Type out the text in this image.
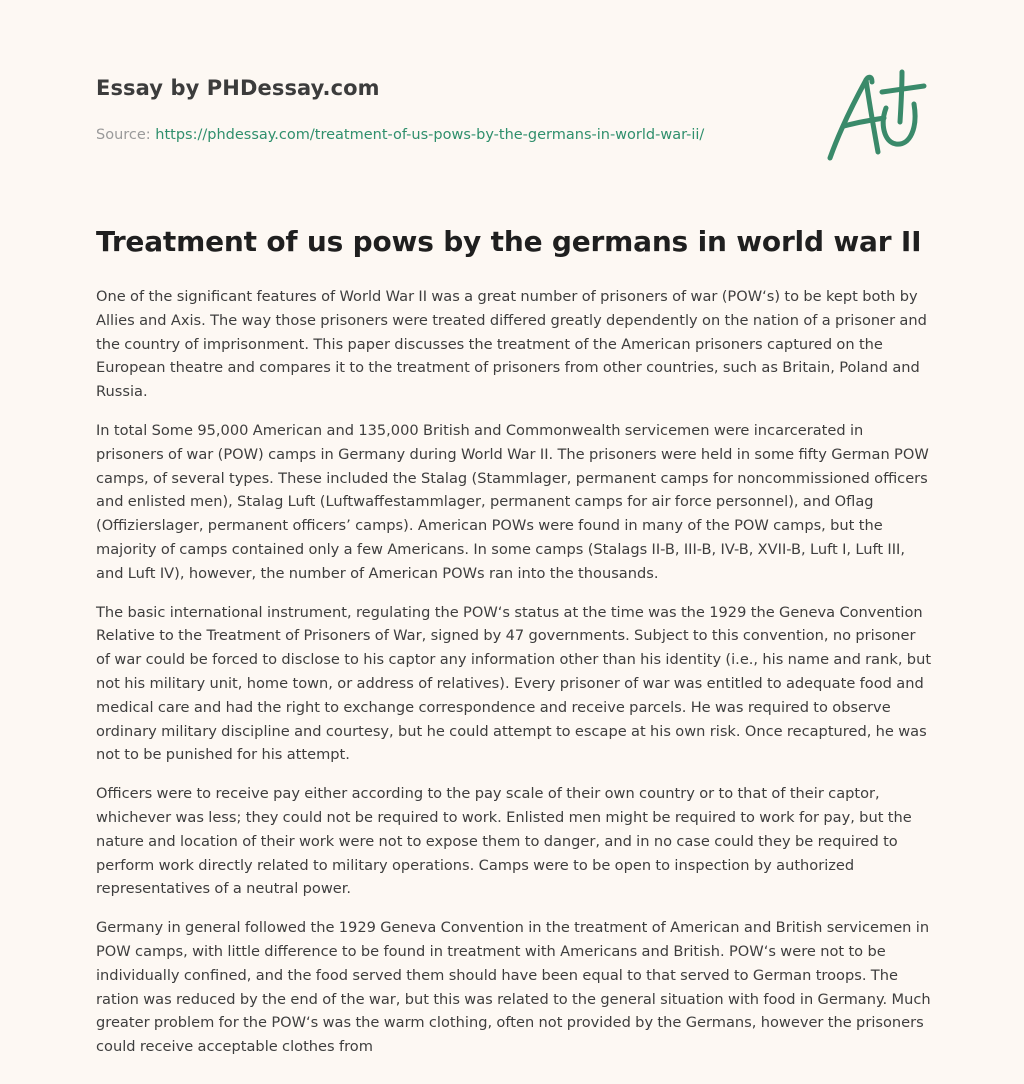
Essay by PHDessay.com
Source: https://phdessay.com/treatment-of-us-pows-by-the-germans-in-world-war-ii/
Treatment of us pows by the germans in world war II

One of the significant features of World War II was a great number of prisoners of war (POW‘s) to be kept both by Allies and Axis. The way those prisoners were treated differed greatly dependently on the nation of a prisoner and the country of imprisonment. This paper discusses the treatment of the American prisoners captured on the European theatre and compares it to the treatment of prisoners from other countries, such as Britain, Poland and Russia.

In total Some 95,000 American and 135,000 British and Commonwealth servicemen were incarcerated in prisoners of war (POW) camps in Germany during World War II. The prisoners were held in some fifty German POW camps, of several types. These included the Stalag (Stammlager, permanent camps for noncommissioned officers and enlisted men), Stalag Luft (Luftwaffestammlager, permanent camps for air force personnel), and Oflag (Offizierslager, permanent officers’ camps). American POWs were found in many of the POW camps, but the majority of camps contained only a few Americans. In some camps (Stalags II-B, III-B, IV-B, XVII-B, Luft I, Luft III, and Luft IV), however, the number of American POWs ran into the thousands.

The basic international instrument, regulating the POW‘s status at the time was the 1929 the Geneva Convention Relative to the Treatment of Prisoners of War, signed by 47 governments. Subject to this convention, no prisoner of war could be forced to disclose to his captor any information other than his identity (i.e., his name and rank, but not his military unit, home town, or address of relatives). Every prisoner of war was entitled to adequate food and medical care and had the right to exchange correspondence and receive parcels. He was required to observe ordinary military discipline and courtesy, but he could attempt to escape at his own risk. Once recaptured, he was not to be punished for his attempt.

Officers were to receive pay either according to the pay scale of their own country or to that of their captor, whichever was less; they could not be required to work. Enlisted men might be required to work for pay, but the nature and location of their work were not to expose them to danger, and in no case could they be required to perform work directly related to military operations. Camps were to be open to inspection by authorized representatives of a neutral power.

Germany in general followed the 1929 Geneva Convention in the treatment of American and British servicemen in POW camps, with little difference to be found in treatment with Americans and British. POW‘s were not to be individually confined, and the food served them should have been equal to that served to German troops. The ration was reduced by the end of the war, but this was related to the general situation with food in Germany. Much greater problem for the POW‘s was the warm clothing, often not provided by the Germans, however the prisoners could receive acceptable clothes from
